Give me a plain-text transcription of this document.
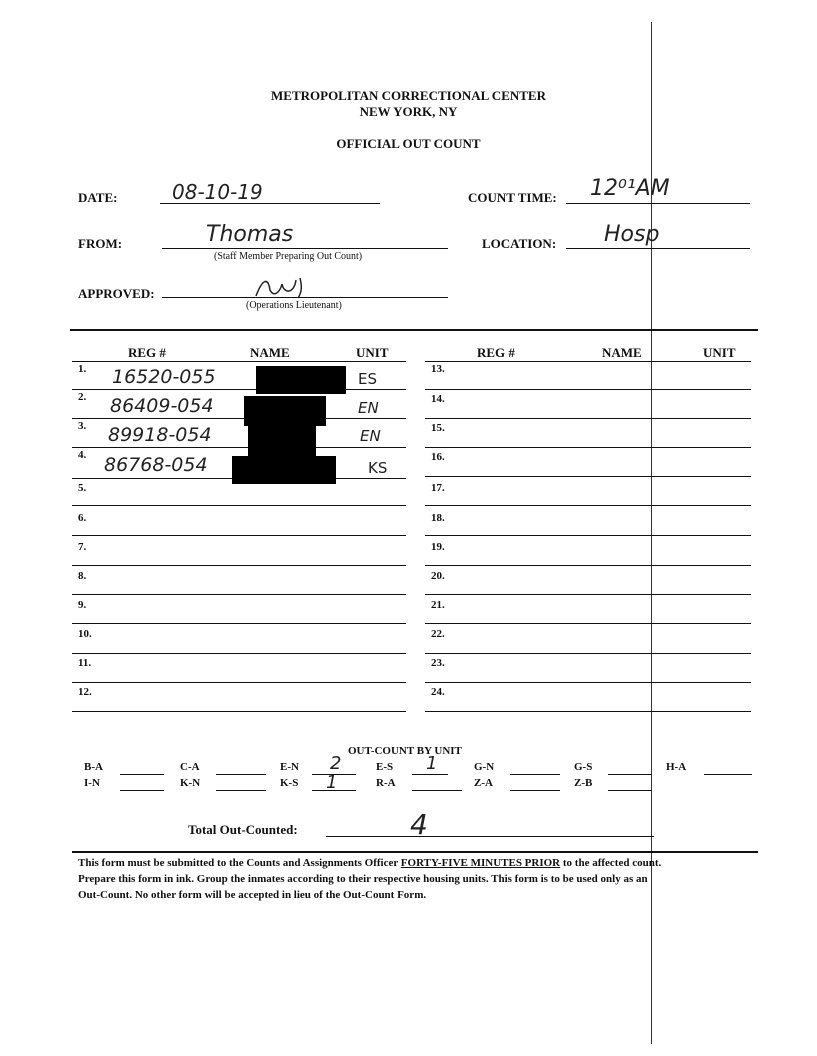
METROPOLITAN CORRECTIONAL CENTER
NEW YORK, NY
OFFICIAL OUT COUNT
DATE:	08-10-19	COUNT TIME: 12⁰¹AM
FROM:	Thomas
(Staff Member Preparing Out Count)
LOCATION: Hosp
APPROVED:
(Operations Lieutenant)
REG #	NAME	UNIT	REG #	NAME	UNIT
1. 16520-055	ES
2. 86409-054	EN
3. 89918-054	EN
4. 86768-054	KS
5.
6.
7.
8.
9.
10.
11.
12.
13.
14.
15.
16.
17.
18.
19.
20.
21.
22.
23.
24.
OUT-COUNT BY UNIT
B-A	C-A	E-N 2	E-S 1	G-N	G-S	H-A
I-N	K-N	K-S 1	R-A	Z-A	Z-B
Total Out-Counted:	4
This form must be submitted to the Counts and Assignments Officer FORTY-FIVE MINUTES PRIOR to the affected count.
Prepare this form in ink. Group the inmates according to their respective housing units. This form is to be used only as an
Out-Count. No other form will be accepted in lieu of the Out-Count Form.
